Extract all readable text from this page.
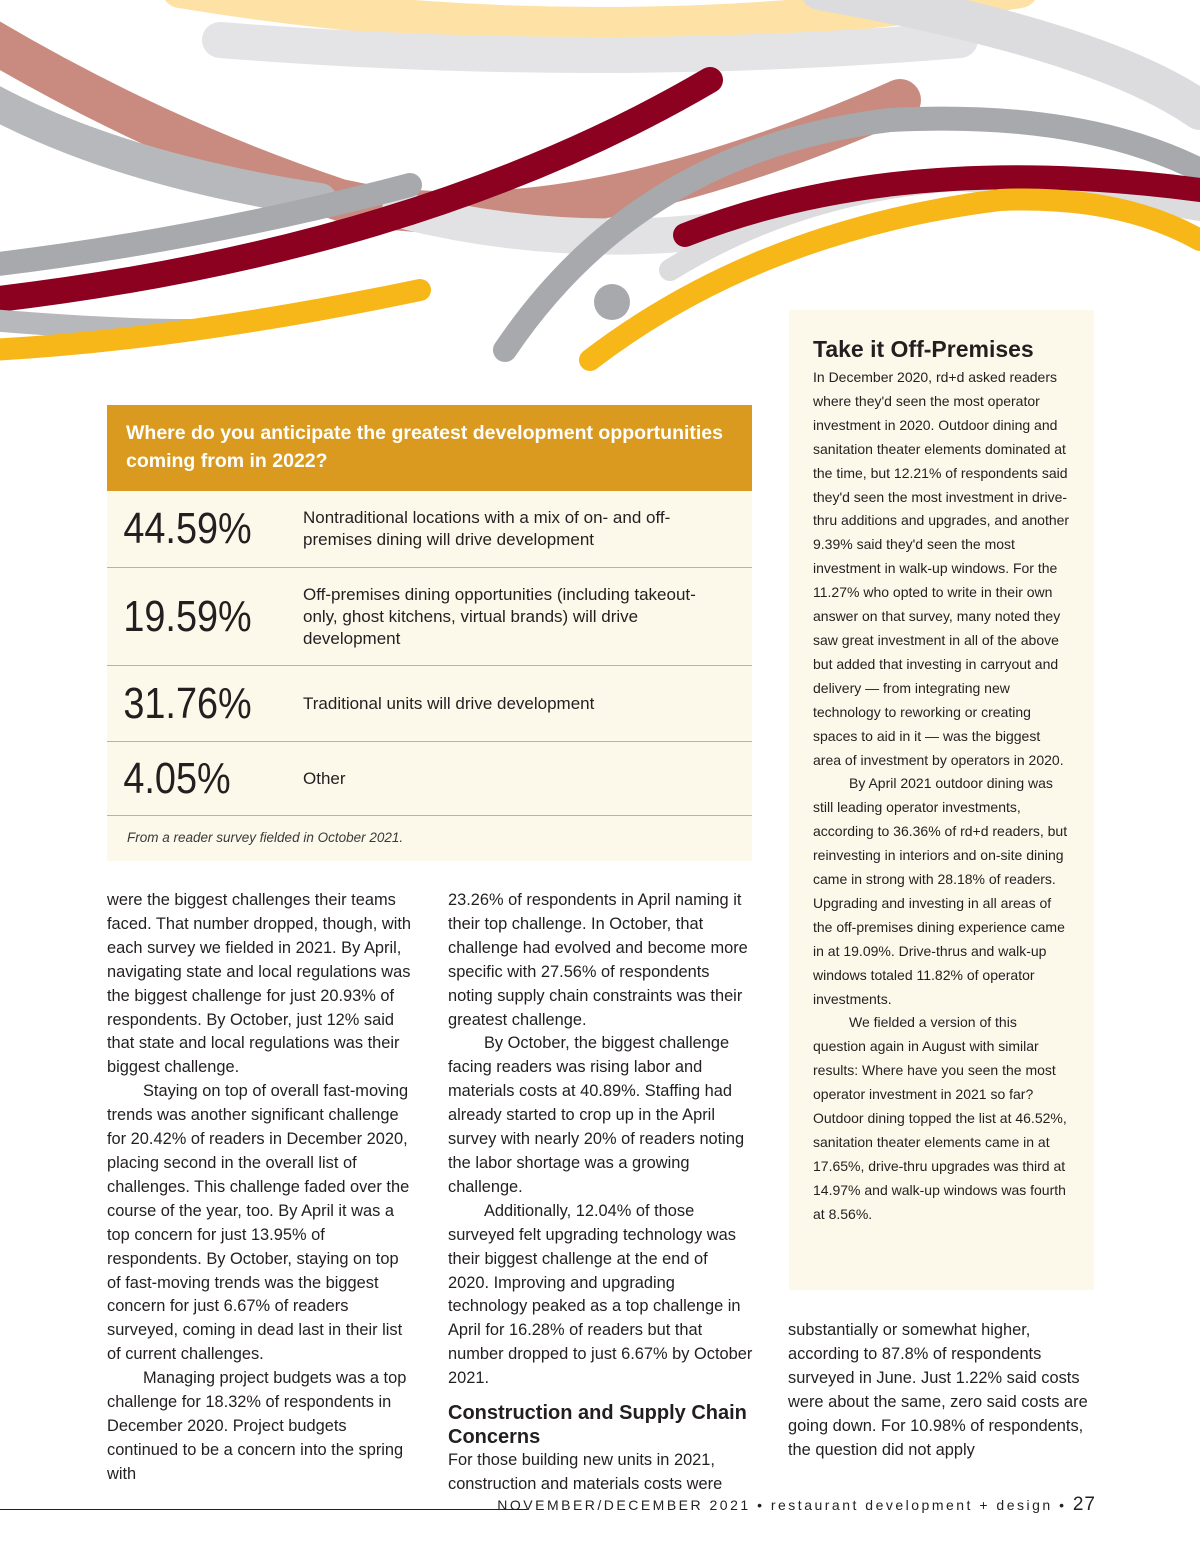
Where do you anticipate the greatest development opportunities coming from in 2022?
44.59%	Nontraditional locations with a mix of on- and off-premises dining will drive development
19.59%	Off-premises dining opportunities (including takeout-only, ghost kitchens, virtual brands) will drive development
31.76%	Traditional units will drive development
4.05%	Other
From a reader survey fielded in October 2021.

were the biggest challenges their teams faced. That number dropped, though, with each survey we fielded in 2021. By April, navigating state and local regulations was the biggest challenge for just 20.93% of respondents. By October, just 12% said that state and local regulations was their biggest challenge.

Staying on top of overall fast-moving trends was another significant challenge for 20.42% of readers in December 2020, placing second in the overall list of challenges. This challenge faded over the course of the year, too. By April it was a top concern for just 13.95% of respondents. By October, staying on top of fast-moving trends was the biggest concern for just 6.67% of readers surveyed, coming in dead last in their list of current challenges.

Managing project budgets was a top challenge for 18.32% of respondents in December 2020. Project budgets continued to be a concern into the spring with

23.26% of respondents in April naming it their top challenge. In October, that challenge had evolved and become more specific with 27.56% of respondents noting supply chain constraints was their greatest challenge.

By October, the biggest challenge facing readers was rising labor and materials costs at 40.89%. Staffing had already started to crop up in the April survey with nearly 20% of readers noting the labor shortage was a growing challenge.

Additionally, 12.04% of those surveyed felt upgrading technology was their biggest challenge at the end of 2020. Improving and upgrading technology peaked as a top challenge in April for 16.28% of readers but that number dropped to just 6.67% by October 2021.

Construction and Supply Chain Concerns

For those building new units in 2021, construction and materials costs were

Take it Off-Premises

In December 2020, rd+d asked readers where they'd seen the most operator investment in 2020. Outdoor dining and sanitation theater elements dominated at the time, but 12.21% of respondents said they'd seen the most investment in drive-thru additions and upgrades, and another 9.39% said they'd seen the most investment in walk-up windows. For the 11.27% who opted to write in their own answer on that survey, many noted they saw great investment in all of the above but added that investing in carryout and delivery — from integrating new technology to reworking or creating spaces to aid in it — was the biggest area of investment by operators in 2020.

By April 2021 outdoor dining was still leading operator investments, according to 36.36% of rd+d readers, but reinvesting in interiors and on-site dining came in strong with 28.18% of readers. Upgrading and investing in all areas of the off-premises dining experience came in at 19.09%. Drive-thrus and walk-up windows totaled 11.82% of operator investments.

We fielded a version of this question again in August with similar results: Where have you seen the most operator investment in 2021 so far? Outdoor dining topped the list at 46.52%, sanitation theater elements came in at 17.65%, drive-thru upgrades was third at 14.97% and walk-up windows was fourth at 8.56%.

substantially or somewhat higher, according to 87.8% of respondents surveyed in June. Just 1.22% said costs were about the same, zero said costs are going down. For 10.98% of respondents, the question did not apply

NOVEMBER/DECEMBER 2021 • restaurant development + design • 27
